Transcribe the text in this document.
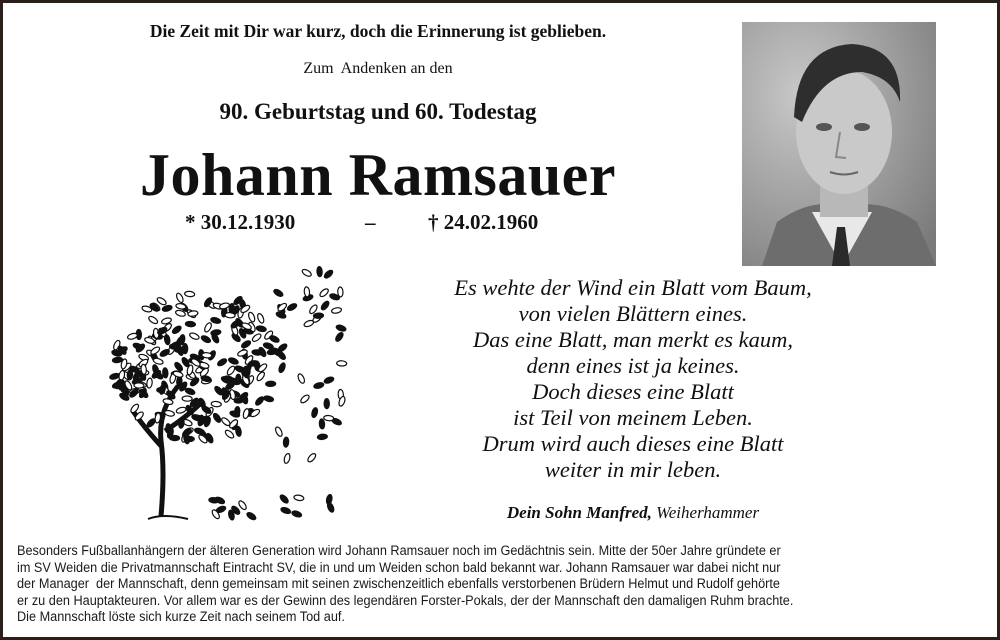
Die Zeit mit Dir war kurz, doch die Erinnerung ist geblieben.
Zum  Andenken an den
90. Geburtstag und 60. Todestag
Johann Ramsauer
* 30.12.1930	–	† 24.02.1960
Es wehte der Wind ein Blatt vom Baum,
von vielen Blättern eines.
Das eine Blatt, man merkt es kaum,
denn eines ist ja keines.
Doch dieses eine Blatt
ist Teil von meinem Leben.
Drum wird auch dieses eine Blatt
weiter in mir leben.
Dein Sohn Manfred, Weiherhammer
Besonders Fußballanhängern der älteren Generation wird Johann Ramsauer noch im Gedächtnis sein. Mitte der 50er Jahre gründete er
im SV Weiden die Privatmannschaft Eintracht SV, die in und um Weiden schon bald bekannt war. Johann Ramsauer war dabei nicht nur
der Manager  der Mannschaft, denn gemeinsam mit seinen zwischenzeitlich ebenfalls verstorbenen Brüdern Helmut und Rudolf gehörte
er zu den Hauptakteuren. Vor allem war es der Gewinn des legendären Forster-Pokals, der der Mannschaft den damaligen Ruhm brachte.
Die Mannschaft löste sich kurze Zeit nach seinem Tod auf.
